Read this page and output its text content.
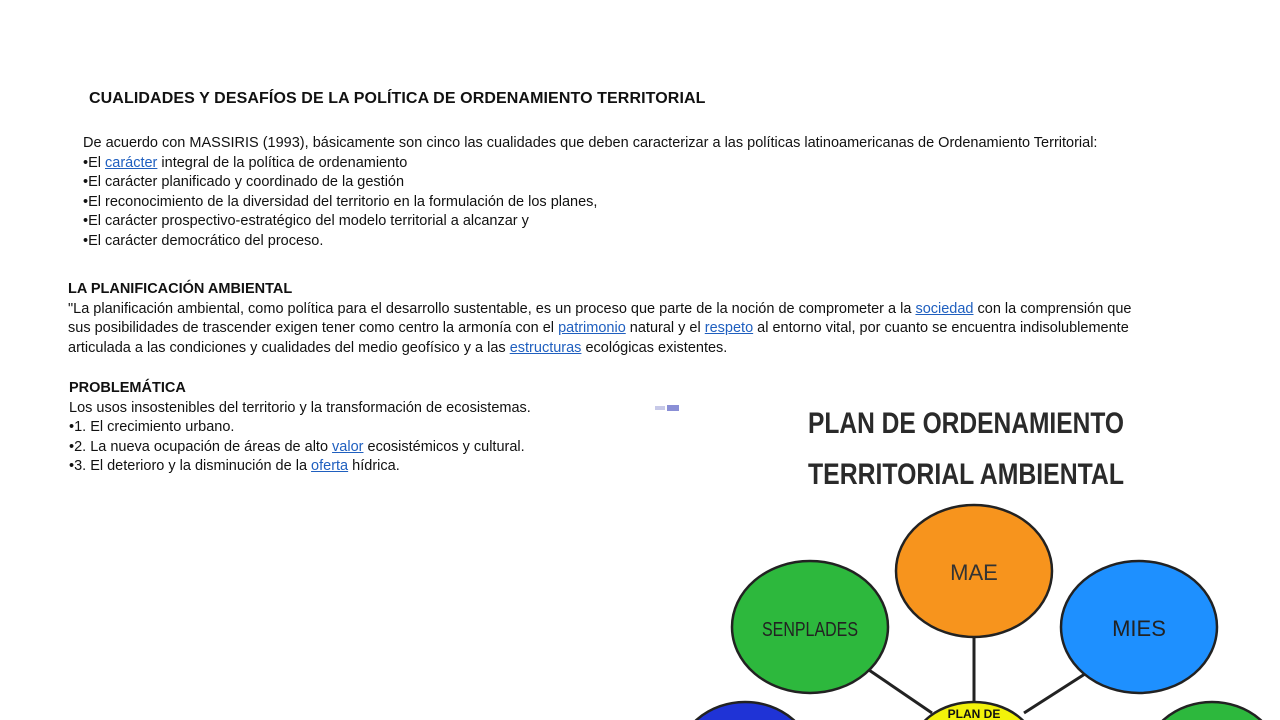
CUALIDADES Y DESAFÍOS DE LA POLÍTICA DE ORDENAMIENTO TERRITORIAL
De acuerdo con MASSIRIS (1993), básicamente son cinco las cualidades que deben caracterizar a las políticas latinoamericanas de Ordenamiento Territorial:
•El carácter integral de la política de ordenamiento
•El carácter planificado y coordinado de la gestión
•El reconocimiento de la diversidad del territorio en la formulación de los planes,
•El carácter prospectivo-estratégico del modelo territorial a alcanzar y
•El carácter democrático del proceso.
LA PLANIFICACIÓN AMBIENTAL
"La planificación ambiental, como política para el desarrollo sustentable, es un proceso que parte de la noción de comprometer a la sociedad con la comprensión que sus posibilidades de trascender exigen tener como centro la armonía con el patrimonio natural y el respeto al entorno vital, por cuanto se encuentra indisolublemente articulada a las condiciones y cualidades del medio geofísico y a las estructuras ecológicas existentes.
PROBLEMÁTICA
Los usos insostenibles del territorio y la transformación de ecosistemas.
•1. El crecimiento urbano.
•2. La nueva ocupación de áreas de alto valor ecosistémicos y cultural.
•3. El deterioro y la disminución de la oferta hídrica.
PLAN DE ORDENAMIENTO
TERRITORIAL AMBIENTAL
MAE
SENPLADES	MIES
PLAN DE
